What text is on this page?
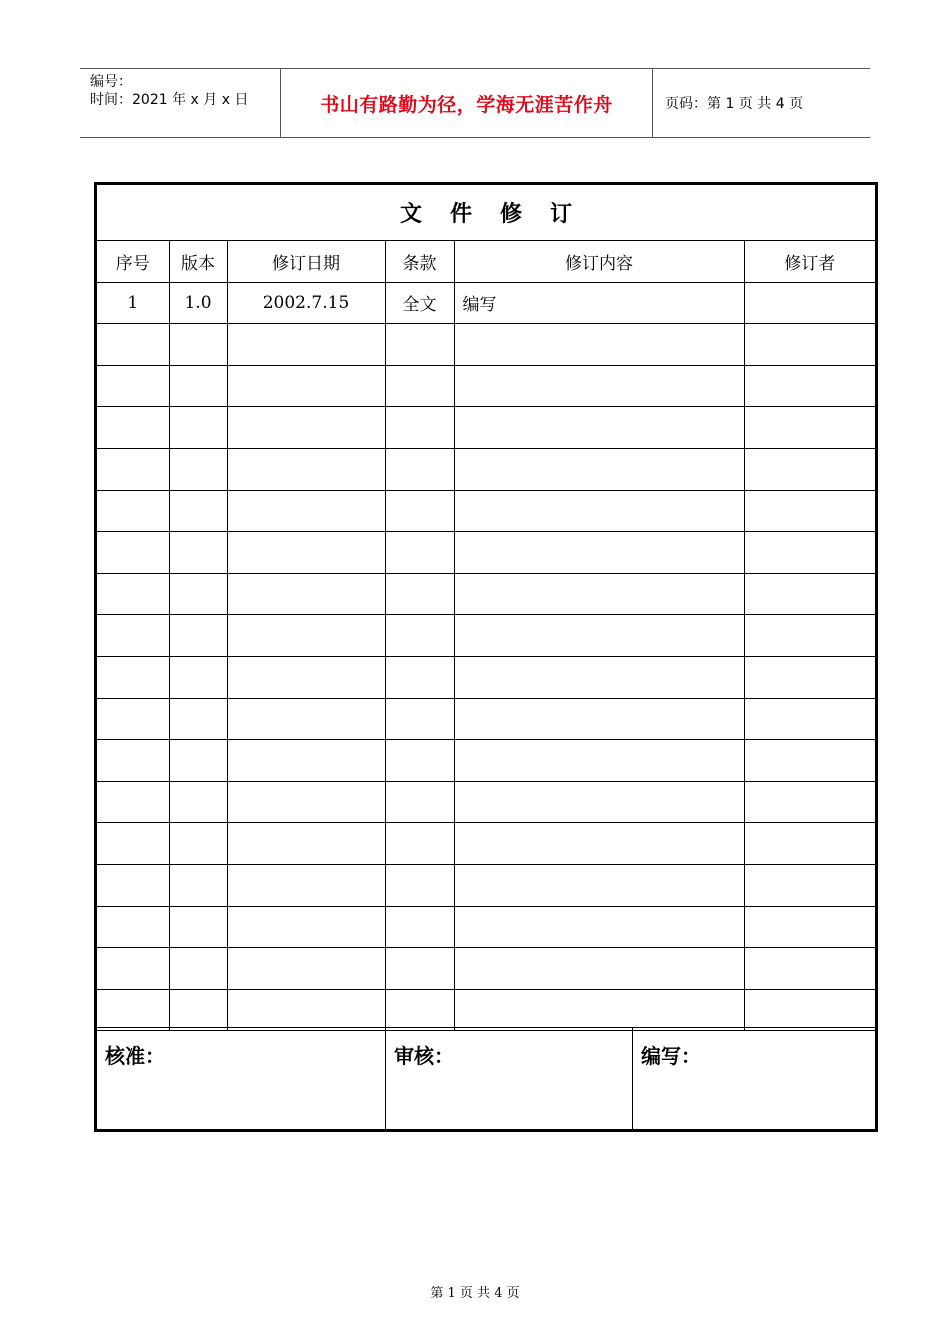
编号：
时间：2021 年 x 月 x 日	书山有路勤为径，学海无涯苦作舟	页码：第 1 页 共 4 页
文 件 修 订
序号	版本	修订日期	条款	修订内容	修订者
1	1.0	2002.7.15	全文	编写	

核准：	审核：	编写：
第 1 页 共 4 页
